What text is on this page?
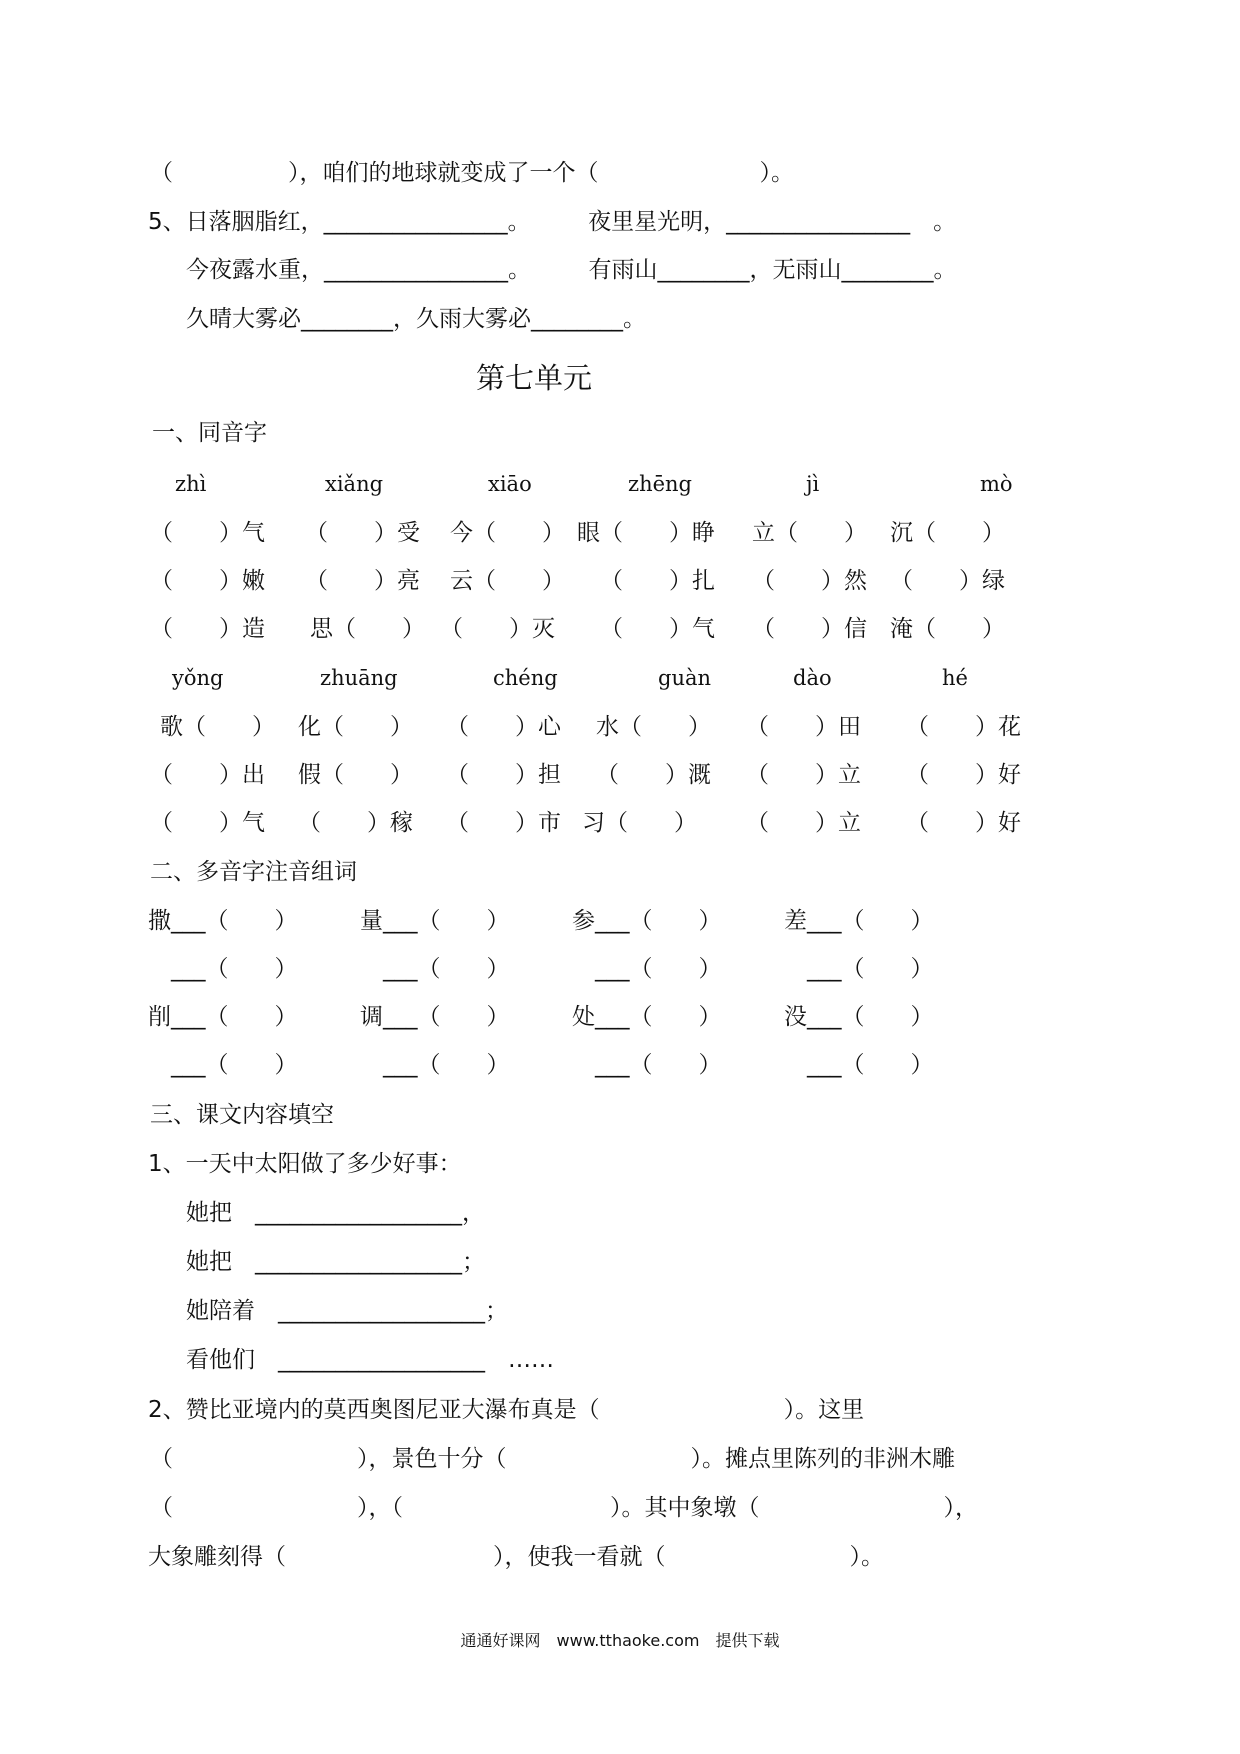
（　　　　　），咱们的地球就变成了一个（　　　　　　　）。
5、日落胭脂红，________________。　　　夜里星光明，________________　。
今夜露水重，________________。　　　有雨山________，无雨山________。
久晴大雾必________，久雨大雾必________。
第七单元
一、同音字
zhì	xiǎng	xiāo	zhēng	jì	mò
（　　）气 （　　）受 今（　　） 眼（　　）睁 立（　　） 沉（　　）
（　　）嫩 （　　）亮 云（　　） （　　）扎 （　　）然 （　　）绿
（　　）造 思（　　） （　　）灭 （　　）气 （　　）信 淹（　　）
yǒng	zhuāng	chéng	guàn	dào	hé
歌（　　） 化（　　） （　　）心 水（　　） （　　）田 （　　）花
（　　）出 假（　　） （　　）担 （　　）溉 （　　）立 （　　）好
（　　）气 （　　）稼 （　　）市 习（　　） （　　）立 （　　）好
二、多音字注音组词
撒___（　　）	量___（　　）	参___（　　）	差___（　　）
　___（　　）	　___（　　）	　___（　　）	　___（　　）
削___（　　）	调___（　　）	处___（　　）	没___（　　）
　___（　　）	　___（　　）	　___（　　）	　___（　　）
三、课文内容填空
1、一天中太阳做了多少好事：
她把　__________________，
她把　__________________；
她陪着　__________________；
看他们　__________________　……
2、赞比亚境内的莫西奥图尼亚大瀑布真是（　　　　　　　　）。这里
（　　　　　　　　），景色十分（　　　　　　　　）。摊点里陈列的非洲木雕
（　　　　　　　　），（　　　　　　　　　）。其中象墩（　　　　　　　　），
大象雕刻得（　　　　　　　　　），使我一看就（　　　　　　　　）。
通通好课网　www.tthaoke.com　提供下载
